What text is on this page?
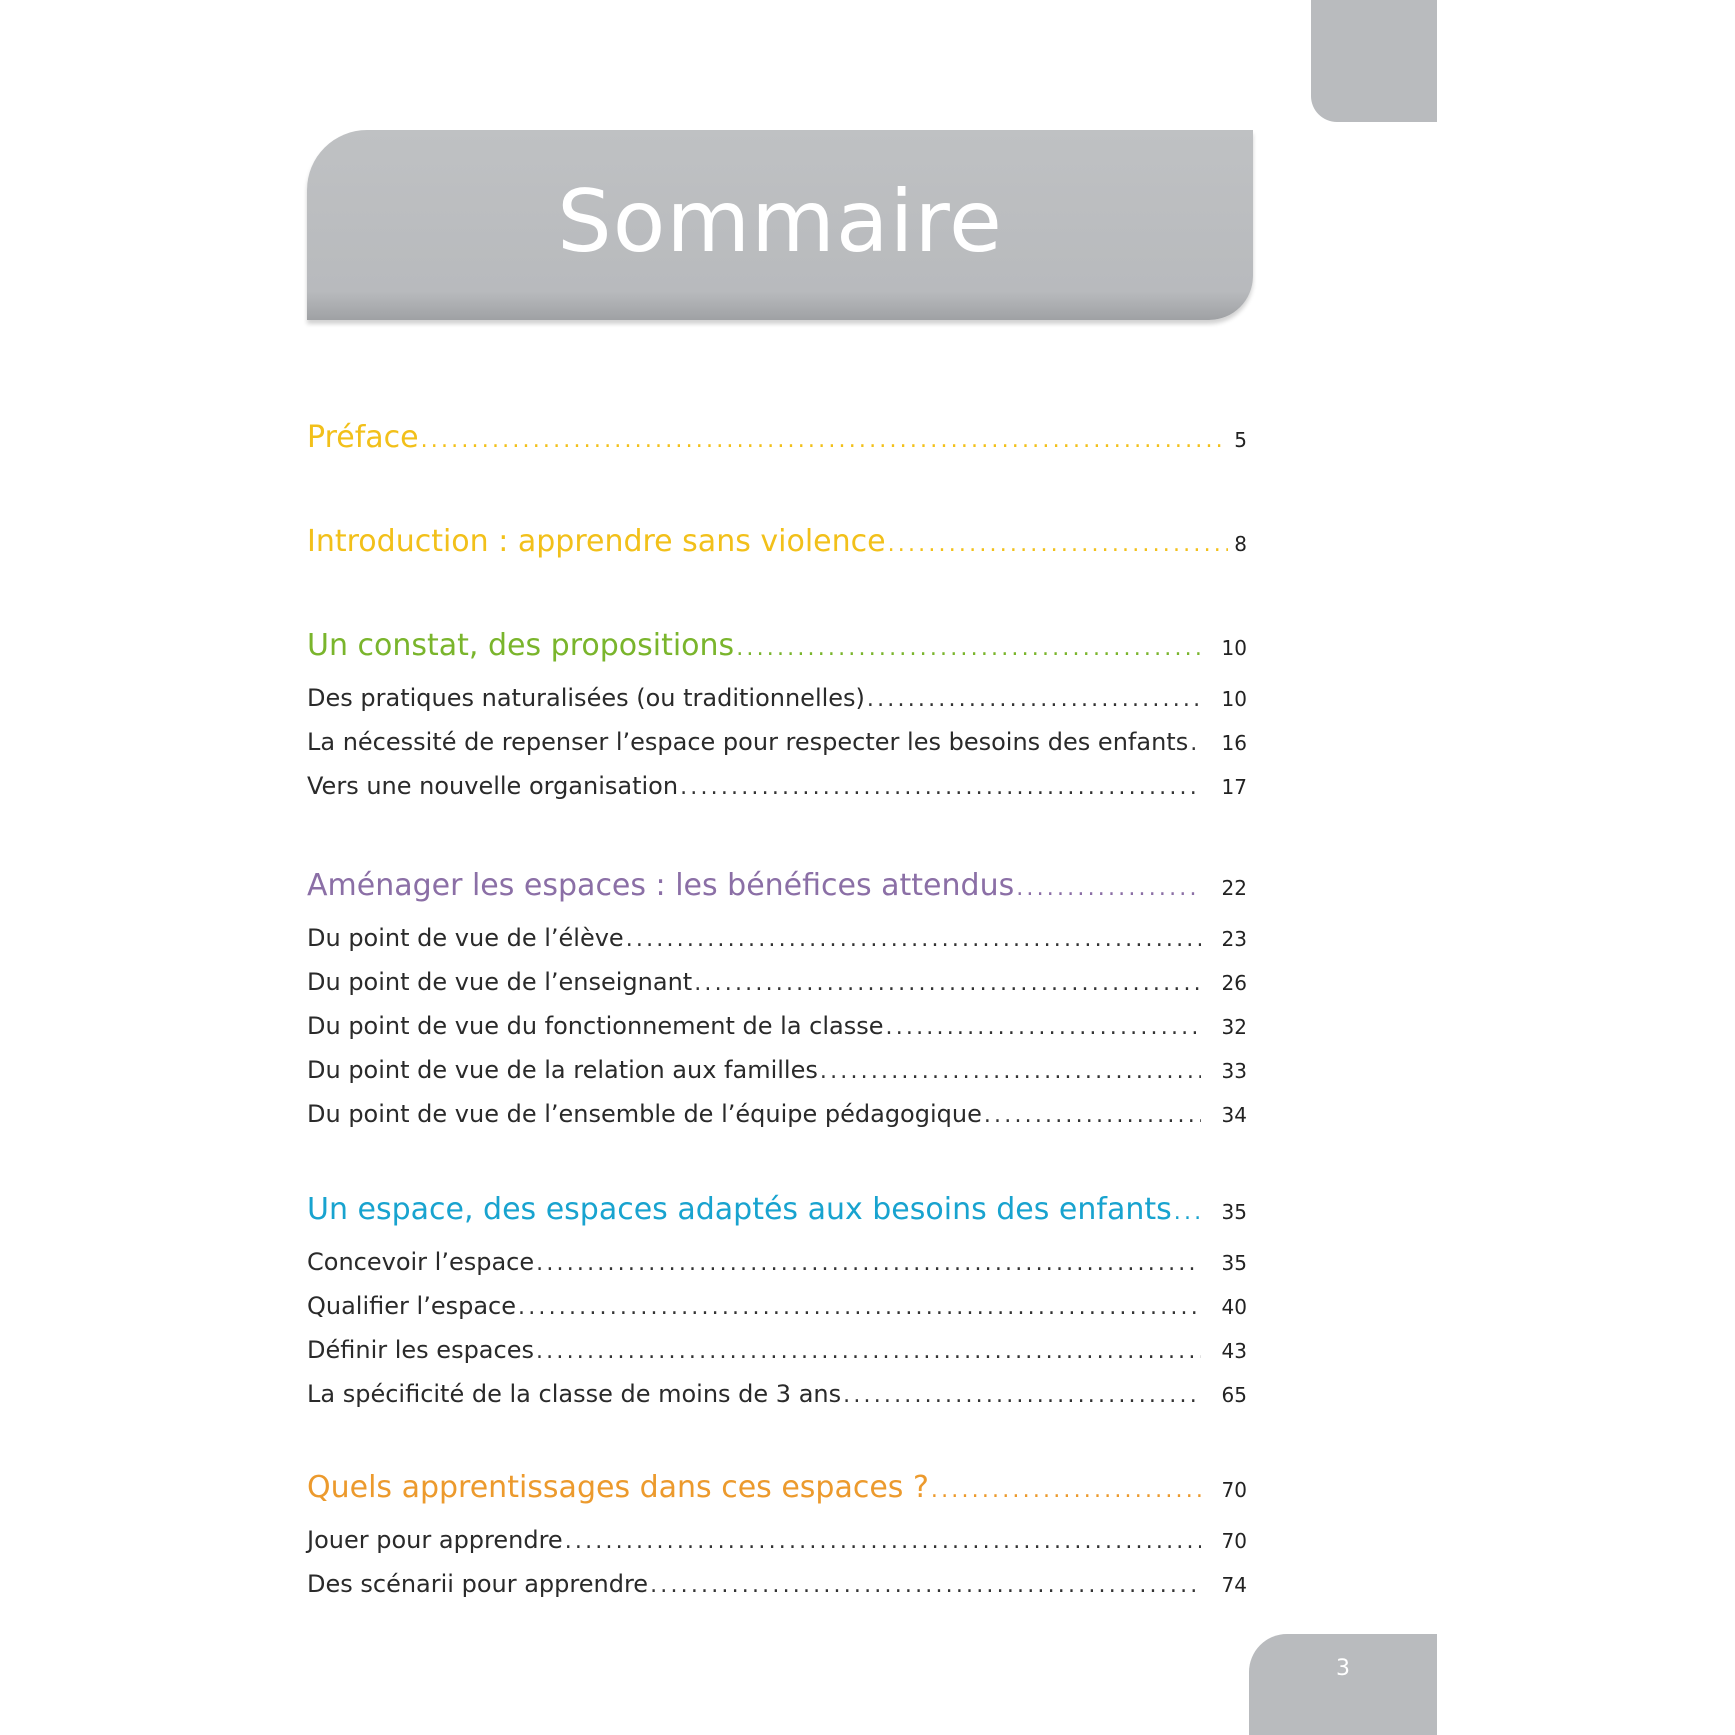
Sommaire
Préface .....	5
Introduction : apprendre sans violence .....	8
Un constat, des propositions .....	10
Des pratiques naturalisées (ou traditionnelles) .....	10
La nécessité de repenser l’espace pour respecter les besoins des enfants .....	16
Vers une nouvelle organisation .....	17
Aménager les espaces : les bénéfices attendus .....	22
Du point de vue de l’élève .....	23
Du point de vue de l’enseignant .....	26
Du point de vue du fonctionnement de la classe .....	32
Du point de vue de la relation aux familles .....	33
Du point de vue de l’ensemble de l’équipe pédagogique .....	34
Un espace, des espaces adaptés aux besoins des enfants .....	35
Concevoir l’espace .....	35
Qualifier l’espace .....	40
Définir les espaces .....	43
La spécificité de la classe de moins de 3 ans .....	65
Quels apprentissages dans ces espaces ? .....	70
Jouer pour apprendre .....	70
Des scénarii pour apprendre .....	74
3
